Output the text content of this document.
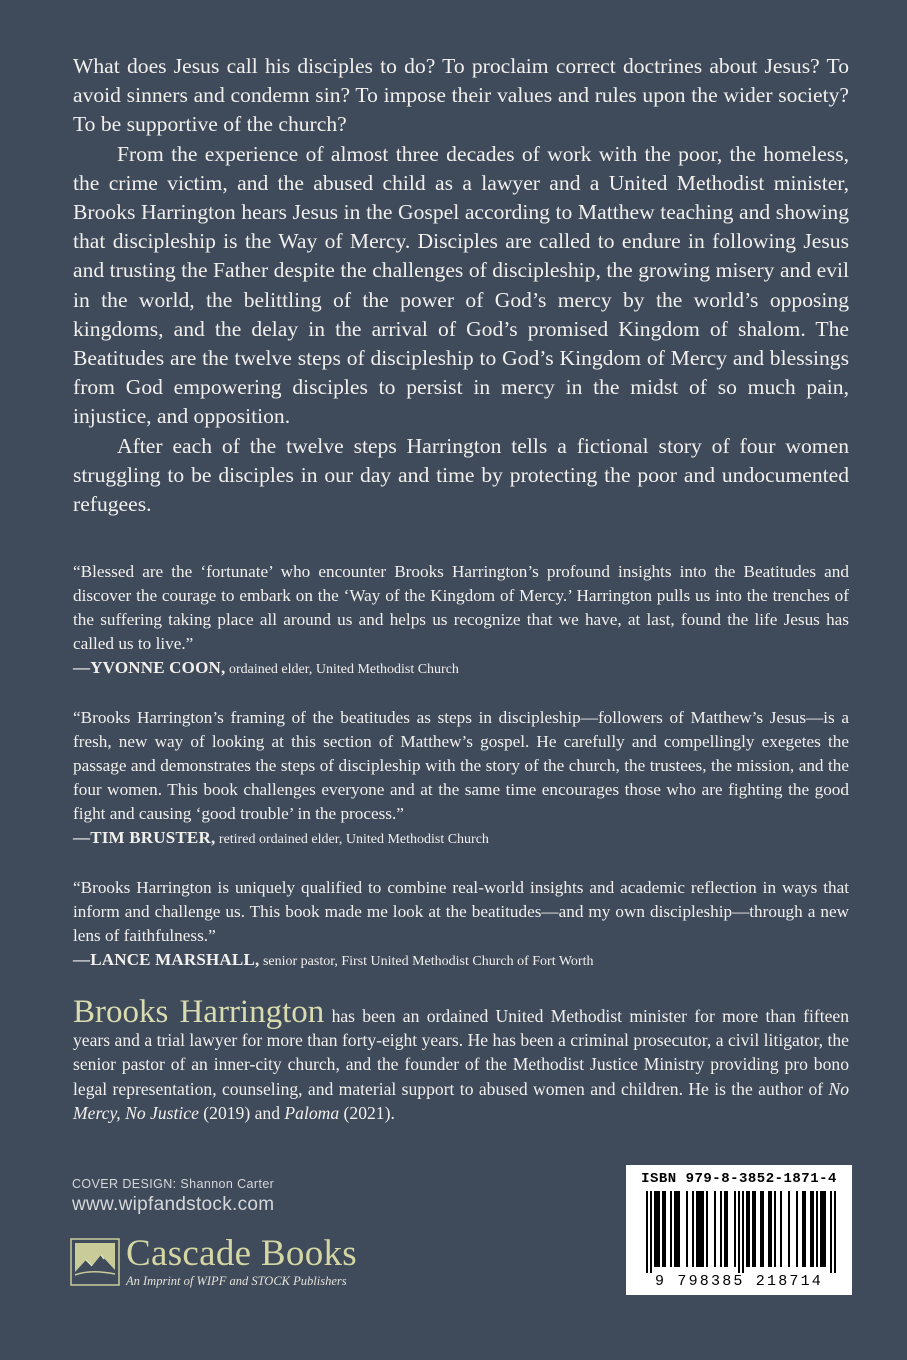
What does Jesus call his disciples to do? To proclaim correct doctrines about Jesus? To avoid sinners and condemn sin? To impose their values and rules upon the wider society? To be supportive of the church?

From the experience of almost three decades of work with the poor, the homeless, the crime victim, and the abused child as a lawyer and a United Methodist minister, Brooks Harrington hears Jesus in the Gospel according to Matthew teaching and showing that discipleship is the Way of Mercy. Disciples are called to endure in following Jesus and trusting the Father despite the challenges of discipleship, the growing misery and evil in the world, the belittling of the power of God’s mercy by the world’s opposing kingdoms, and the delay in the arrival of God’s promised Kingdom of shalom. The Beatitudes are the twelve steps of discipleship to God’s Kingdom of Mercy and blessings from God empowering disciples to persist in mercy in the midst of so much pain, injustice, and opposition.

After each of the twelve steps Harrington tells a fictional story of four women struggling to be disciples in our day and time by protecting the poor and undocumented refugees.

“Blessed are the ‘fortunate’ who encounter Brooks Harrington’s profound insights into the Beatitudes and discover the courage to embark on the ‘Way of the Kingdom of Mercy.’ Harrington pulls us into the trenches of the suffering taking place all around us and helps us recognize that we have, at last, found the life Jesus has called us to live.”
—YVONNE COON, ordained elder, United Methodist Church
“Brooks Harrington’s framing of the beatitudes as steps in discipleship—followers of Matthew’s Jesus—is a fresh, new way of looking at this section of Matthew’s gospel. He carefully and compellingly exegetes the passage and demonstrates the steps of discipleship with the story of the church, the trustees, the mission, and the four women. This book challenges everyone and at the same time encourages those who are fighting the good fight and causing ‘good trouble’ in the process.”
—TIM BRUSTER, retired ordained elder, United Methodist Church
“Brooks Harrington is uniquely qualified to combine real-world insights and academic reflection in ways that inform and challenge us. This book made me look at the beatitudes—and my own discipleship—through a new lens of faithfulness.”
—LANCE MARSHALL, senior pastor, First United Methodist Church of Fort Worth
Brooks Harrington has been an ordained United Methodist minister for more than fifteen years and a trial lawyer for more than forty-eight years. He has been a criminal prosecutor, a civil litigator, the senior pastor of an inner-city church, and the founder of the Methodist Justice Ministry providing pro bono legal representation, counseling, and material support to abused women and children. He is the author of No Mercy, No Justice (2019) and Paloma (2021).
COVER DESIGN: Shannon Carter
www.wipfandstock.com
Cascade Books
An Imprint of WIPF and STOCK Publishers
ISBN 979-8-3852-1871-4
9 798385 218714
